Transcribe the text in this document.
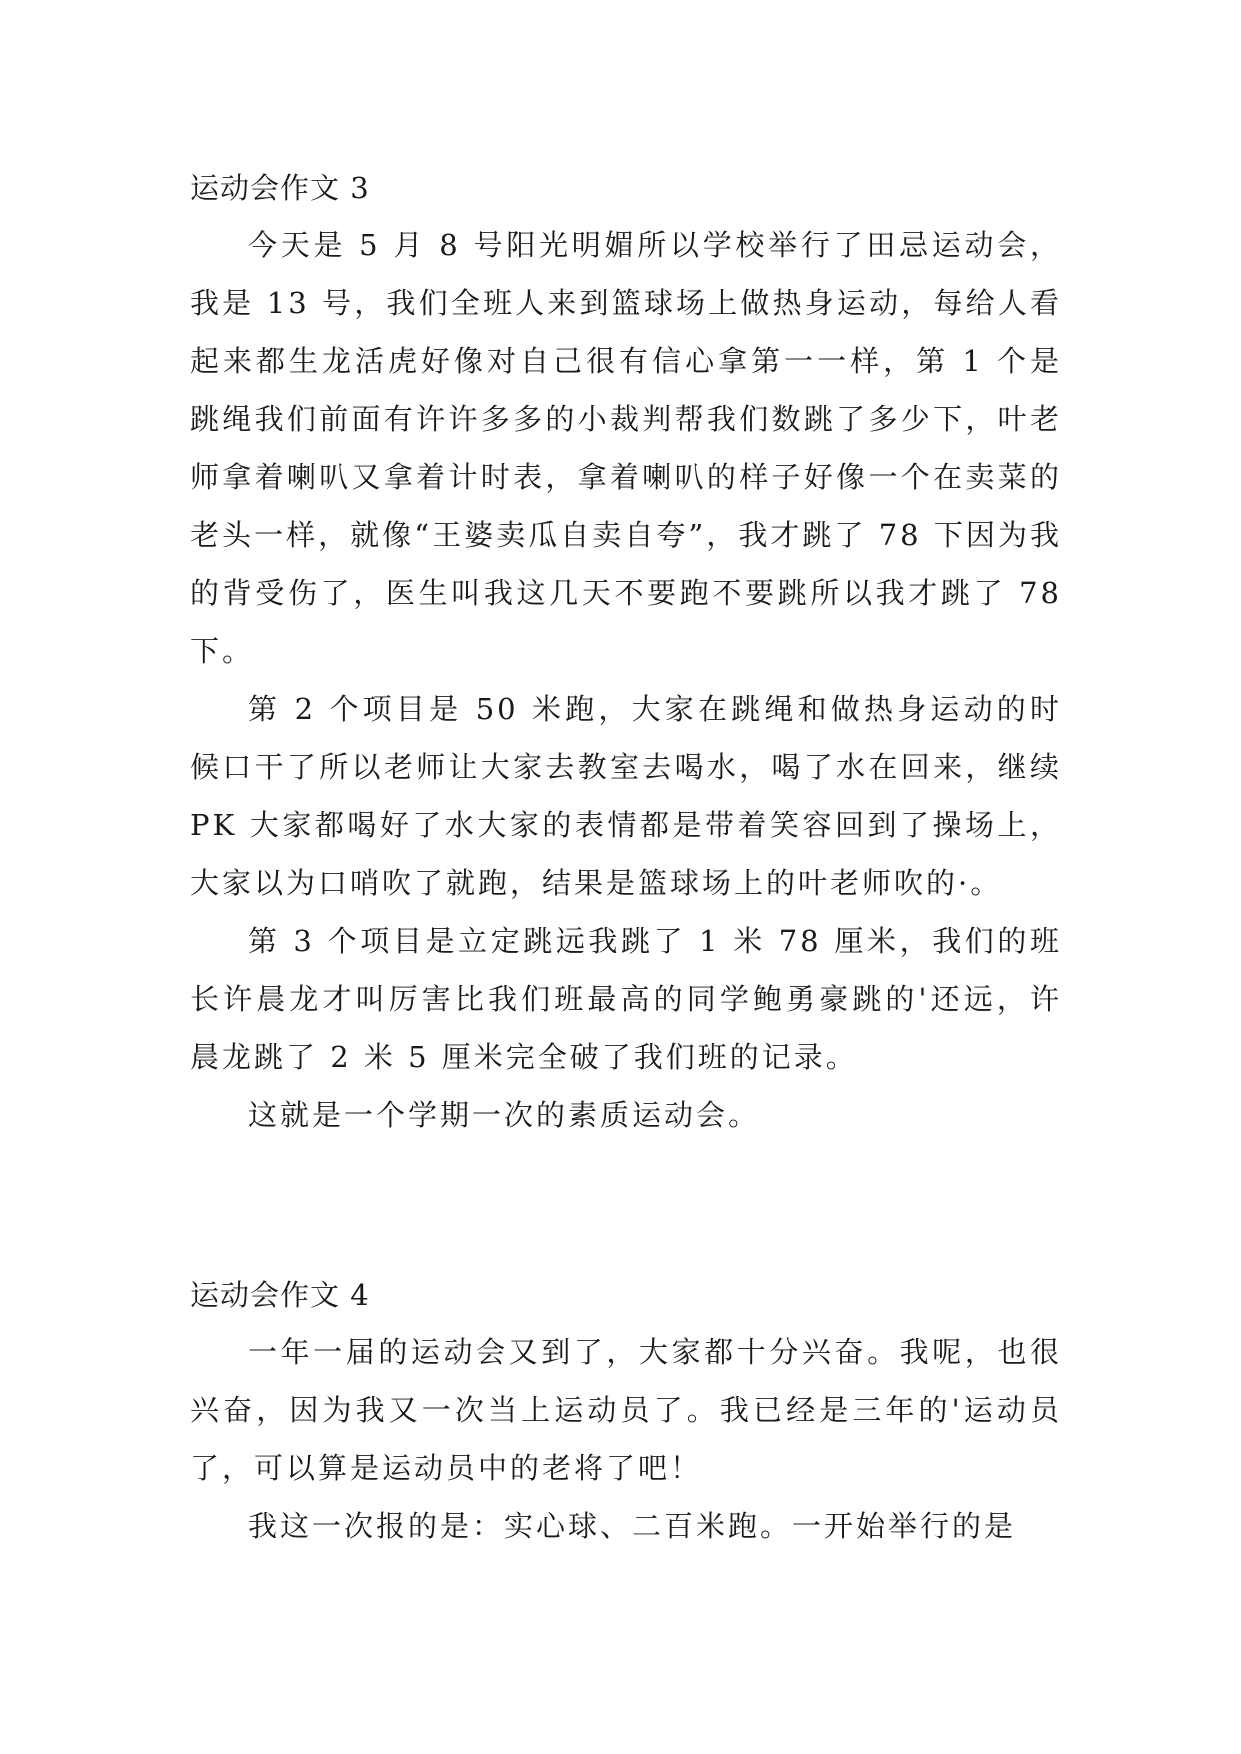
运动会作文 3

今天是 5 月 8 号阳光明媚所以学校举行了田忌运动会，我是 13 号，我们全班人来到篮球场上做热身运动，每给人看起来都生龙活虎好像对自己很有信心拿第一一样，第 1 个是跳绳我们前面有许许多多的小裁判帮我们数跳了多少下，叶老师拿着喇叭又拿着计时表，拿着喇叭的样子好像一个在卖菜的老头一样，就像“王婆卖瓜自卖自夸”，我才跳了 78 下因为我的背受伤了，医生叫我这几天不要跑不要跳所以我才跳了 78 下。

第 2 个项目是 50 米跑，大家在跳绳和做热身运动的时候口干了所以老师让大家去教室去喝水，喝了水在回来，继续 PK 大家都喝好了水大家的表情都是带着笑容回到了操场上，大家以为口哨吹了就跑，结果是篮球场上的叶老师吹的·。

第 3 个项目是立定跳远我跳了 1 米 78 厘米，我们的班长许晨龙才叫厉害比我们班最高的同学鲍勇豪跳的'还远，许晨龙跳了 2 米 5 厘米完全破了我们班的记录。

这就是一个学期一次的素质运动会。

运动会作文 4

一年一届的运动会又到了，大家都十分兴奋。我呢，也很兴奋，因为我又一次当上运动员了。我已经是三年的'运动员了，可以算是运动员中的老将了吧！

我这一次报的是：实心球、二百米跑。一开始举行的是
